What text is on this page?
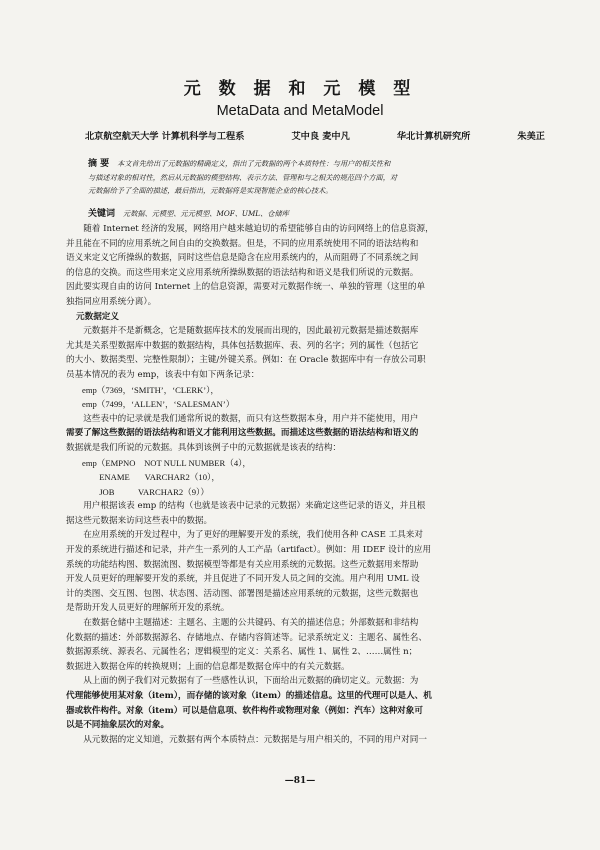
元 数 据 和 元 模 型
MetaData and MetaModel
北京航空航天大学 计算机科学与工程系	艾中良 麦中凡	华北计算机研究所	朱美正

摘 要 本文首先给出了元数据的精确定义，指出了元数据的两个本质特性：与用户的相关性和

与描述对象的相对性，然后从元数据的模型结构、表示方法、管理和与之相关的规范四个方面，对

元数据给予了全面的描述，最后指出，元数据将是实现智能企业的核心技术。

关键词 元数据、元模型、元元模型、MOF、UML、仓储库
随着 Internet 经济的发展，网络用户越来越迫切的希望能够自由的访问网络上的信息资源，
并且能在不同的应用系统之间自由的交换数据。但是，不同的应用系统使用不同的语法结构和
语义来定义它所操纵的数据，同时这些信息是隐含在应用系统内的，从而阻碍了不同系统之间
的信息的交换。而这些用来定义应用系统所操纵数据的语法结构和语义是我们所说的元数据。
因此要实现自由的访问 Internet 上的信息资源，需要对元数据作统一、单独的管理（这里的单
独指同应用系统分离）。
元数据定义
元数据并不是新概念，它是随数据库技术的发展而出现的，因此最初元数据是描述数据库
尤其是关系型数据库中数据的数据结构，具体包括数据库、表、列的名字；列的属性（包括它
的大小、数据类型、完整性限制）；主键/外键关系。例如：在 Oracle 数据库中有一存放公司职
员基本情况的表为 emp，该表中有如下两条记录：
emp（7369，‘SMITH’，‘CLERK’），
emp（7499，‘ALLEN’，‘SALESMAN’）
这些表中的记录就是我们通常所说的数据，而只有这些数据本身，用户并不能使用，用户
需要了解这些数据的语法结构和语义才能利用这些数据。而描述这些数据的语法结构和语义的
数据就是我们所说的元数据。具体到该例子中的元数据就是该表的结构：
emp（EMPNO    NOT NULL NUMBER（4），
ENAME       VARCHAR2（10），
JOB           VARCHAR2（9））
用户根据该表 emp 的结构（也就是该表中记录的元数据）来确定这些记录的语义，并且根
据这些元数据来访问这些表中的数据。
在应用系统的开发过程中，为了更好的理解要开发的系统，我们使用各种 CASE 工具来对
开发的系统进行描述和记录，并产生一系列的人工产品（artifact）。例如：用 IDEF 设计的应用
系统的功能结构图、数据流图、数据模型等都是有关应用系统的元数据。这些元数据用来帮助
开发人员更好的理解要开发的系统，并且促进了不同开发人员之间的交流。用户利用 UML 设
计的类图、交互图、包图、状态图、活动图、部署图是描述应用系统的元数据，这些元数据也
是帮助开发人员更好的理解所开发的系统。
在数据仓储中主题描述：主题名、主题的公共键码、有关的描述信息；外部数据和非结构
化数据的描述：外部数据源名、存储地点、存储内容简述等。记录系统定义：主题名、属性名、
数据源系统、源表名、元属性名；逻辑模型的定义：关系名、属性 1、属性 2、……属性 n；
数据进入数据仓库的转换规则；上面的信息都是数据仓库中的有关元数据。
从上面的例子我们对元数据有了一些感性认识，下面给出元数据的确切定义。元数据：为
代理能够使用某对象（item），而存储的该对象（item）的描述信息。这里的代理可以是人、机
器或软件构件。对象（item）可以是信息项、软件构件或物理对象（例如：汽车）这种对象可
以是不同抽象层次的对象。
从元数据的定义知道，元数据有两个本质特点：元数据是与用户相关的，不同的用户对同一
—81—
